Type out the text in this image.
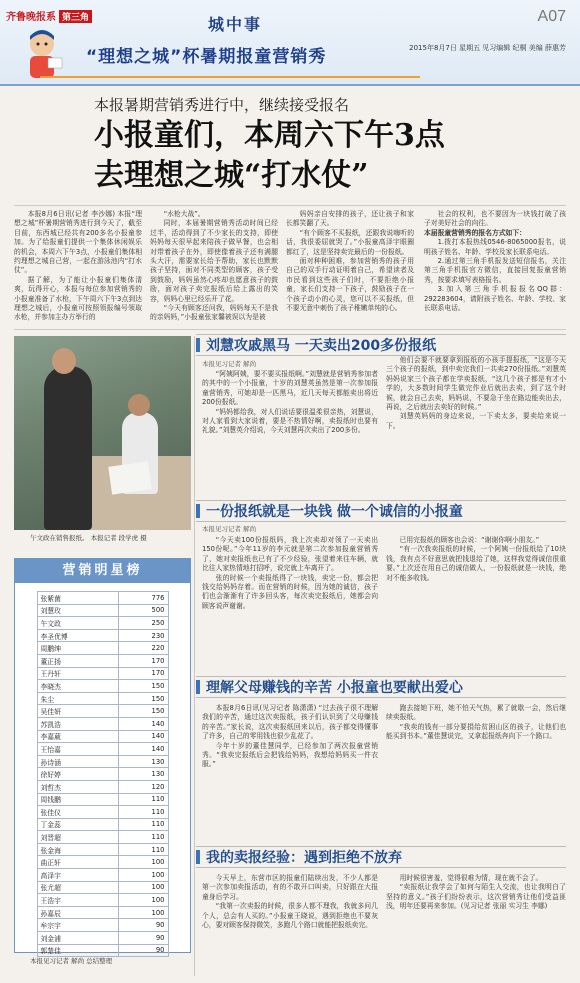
齐鲁晚报系 第三角	城中事	A07
2015年8月7日 星期五 见习编辑 纪桐 美编 薛惠芳
“理想之城”杯暑期报童营销秀
本报暑期营销秀进行中，继续接受报名
小报童们，本周六下午3点
去理想之城“打水仗”

本报8月6日讯(记者 李沙娜) 本报“理想之城”杯暑期营销秀进行到今天了，截至目前，东西城已经共有200多名小报童参加。为了给报童们提供一个集体休闲娱乐的机会，本周六下午3点，小报童们集体相约理想之城自己营，一起在游泳池内“打水仗”。

据了解，为了能让小报童们集体清爽，玩得开心，本报与每位参加营销秀的小报童准备了水枪，下午周六下午3点到达理想之城后，小报童可按照领报编号领取水枪，并参加主办方举行的

“水枪大战”。

同时，本届暑期营销秀活动时间已经过半，活动得到了不少家长的支持，即使妈妈每天很早起来陪孩子做早餐，也会相对带着孩子在外，即使像着孩子还有满腿头大汗，需要家长给予帮助，家长也默默孩子坚持，面对不同类型的顾客，孩子受到鼓励，妈妈虽然心疼却也愿意孩子的鼓励，面对孩子卖完报纸后给上露出的笑容，妈妈心里已经乐开了花。

“今天有顾客还问我，妈妈每天不是我的亲妈妈，”小报童张家馨被误以为是被

妈妈亲自安排的孩子，还让孩子和家长都笑翻了天。

“有个顾客不买报纸，还跟我说嗨听的话，我很委屈就哭了。”小报童高泽宇眼圈都红了，这是坚持卖完最后的一份报纸。

面对种种困难，参加营销秀的孩子用自己的双手行动证明着自己，希望读者及市民看到这些孩子们时，不要拒绝小报童，家长们支持一下孩子，鼓励孩子在一个孩子动小的心灵，您可以不买报纸，但不要无意中刺伤了孩子稚嫩单纯的心。

社会的权利，也不要因为一块钱打破了孩子对美好社会的向往。

本届报童营销秀的报名方式如下：

1.拨打本报热线0546-8065000报名，说明孩子姓名、年龄、学校及家长联系电话。

2.通过第三角手机报发送短信报名，关注第三角手机报官方微信，直接回复报童营销秀，按要求填写表格报名。

3.加入第三角手机报报名QQ群：292283604，请附孩子姓名、年龄、学校、家长联系电话。

午文政在销售报纸。 本报记者 段学虎 摄
营销明星榜
张紫菌	776
刘慧玫	500
午文政	250
李圣优博	230
周鹏绅	220
董正扬	170
王丹轩	170
李晓杰	150
朱尘	150
吴佳妍	150
苏凯浩	140
李嘉葳	140
王怡嘉	140
孙诗涵	130
徐好婷	130
刘哲杰	120
周钱鹏	110
张佳仪	110
丁金蕊	110
刘晋超	110
张金海	110
曲正轩	100
高泽宇	100
张尤超	100
王浩宇	100
孙嘉辰	100
牟宗宇	90
刘金浦	90
郭楚佳	90
本报见习记者 解尚 总结整理
刘慧攻戚黑马 一天卖出200多份报纸
本报见习记者 解尚

“阿姨阿姨，要不要买报纸啊。”刘慧就是营销秀参加者的其中的一个小报童，十岁的刘慧英虽然是第一次参加报童营销秀，可她却是一匹黑马，近几天每天都能卖出将近200份报纸。

“妈妈都给我，对人们说话要很温柔很亲热，刘慧说，对人家看到大家说着，要是不热情好啊，卖报纸时也要有礼貌。”刘慧英介绍说，今天刘慧再次卖出了200多份。

他们会要不就要拿到报纸的小孩手提报纸，“这是今天三个孩子的报纸，到中卖完我们一共卖270份报纸。”刘慧英妈妈说家三个孩子都在学卖报纸，“这几个孩子都是有才小学的，大多数时间学生做完作业后就出去卖，到了这个时候，就会自己去卖，妈妈说，不要急于坐在路边能卖出去，再说，之后就出去卖好的时候。”

刘慧英妈妈的身边来说，一下卖太多，要卖给来说一下。

一份报纸就是一块钱 做一个诚信的小报童
本报见习记者 解尚

“今天卖100份报纸吗，我上次卖却对领了一天卖出150份呢。”今年11岁的李元就是第二次参加报童营销秀了，她对卖报纸也已有了不少经验，张望着来往车辆，就比往人家热情地打招呼，说完就上车离开了。

张的时候一个卖报纸得了一块钱，卖完一份，都会把钱交给妈妈存着。而在营销的时候，因为她的诚信，孩子们也会渐渐有了许多回头客，每次卖完报纸后，她都会向顾客说声谢谢。

已用完报纸的顾客也会说：“谢谢你啊小朋友。”

“有一次我卖报纸的时候，一个阿姨一份报纸给了10块钱，我有点不好意思就把钱退给了她，这样我觉得诚信很重要。”上次还在用自己的诚信做人，一份报纸就是一块钱，绝对不能多收钱。

理解父母赚钱的辛苦 小报童也要献出爱心

本报8月6日讯(见习记者 陈潇潇) “过去孩子很不理解我们的辛苦，通过这次卖报纸，孩子们认识到了父母赚钱的辛苦。”家长说，这次卖报纸回来以后，孩子都变得懂事了许多，自己的零用钱也很少乱花了。

今年十岁的董佳慧同学，已经参加了两次报童营销秀。“我卖完报纸后会把钱给妈妈，我想给妈妈买一件衣服。”

跑去接她下班，她不怕天气热，累了就歇一会，然后继续卖报纸。

“我卖的钱有一部分要捐给贫困山区的孩子，让他们也能买到书本。”董佳慧说完，又拿起报纸奔向下一个路口。

我的卖报经验：遇到拒绝不放弃

今天早上，东营市区的报童们陆续出发，不少人都是第一次参加卖报活动，有的不敢开口叫卖，只好跟在大报童身后学习。

“我第一次卖报的时候，很多人都不理我，我就多问几个人，总会有人买的。”小报童王晓说，遇到拒绝也不要灰心，要对顾客保持微笑，多跑几个路口就能把报纸卖完。

用时候很害羞，觉得很难为情，现在就不会了。

“卖报纸让我学会了如何与陌生人交流，也让我明白了坚持的意义。”孩子们纷纷表示，这次营销秀让他们受益匪浅，明年还要再来参加。(见习记者 张丽 实习生 李娜)
